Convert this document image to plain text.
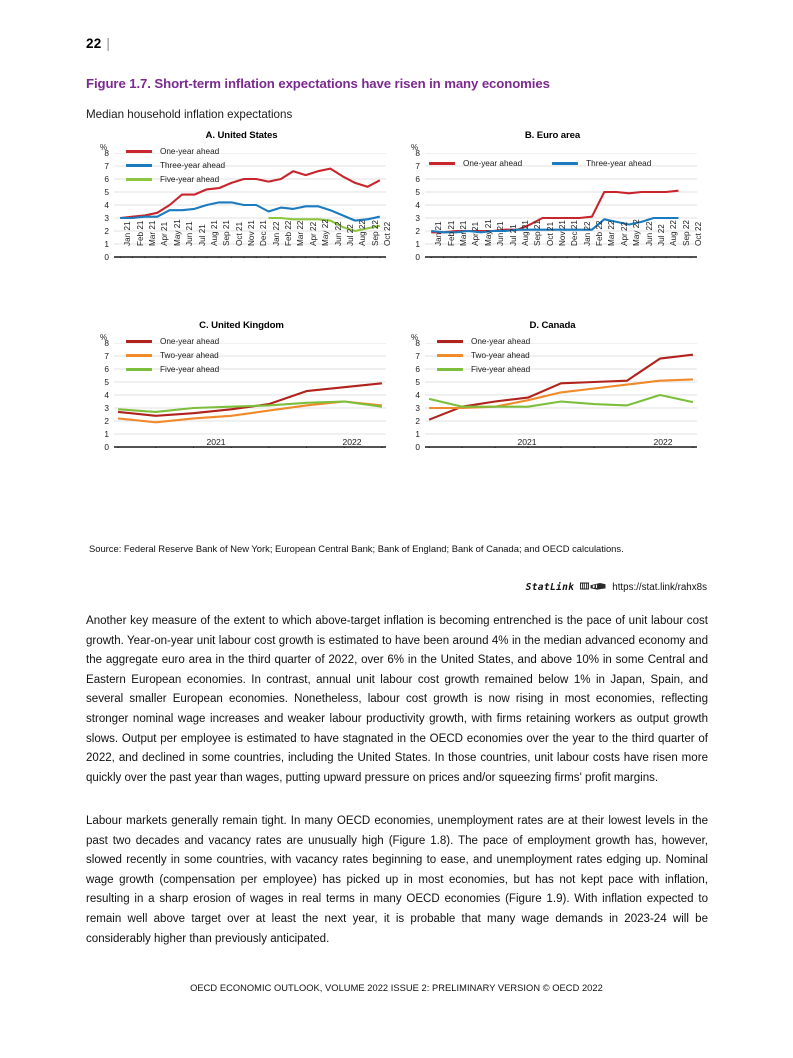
22 |
Figure 1.7. Short-term inflation expectations have risen in many economies
Median household inflation expectations
A. United States
%
0
1
2
3
4
5
6
7
8	One-year ahead
Three-year ahead
Five-year ahead
Jan 21 Feb 21 Mar 21 Apr 21 May 21 Jun 21 Jul 21 Aug 21 Sep 21 Oct 21 Nov 21 Dec 21 Jan 22 Feb 22 Mar 22 Apr 22 May 22 Jun 22 Jul 22 Aug 22 Sep 22 Oct 22
B. Euro area
%
0
1
2
3
4
5
6
7
8
One-year ahead	Three-year ahead
Jan 21 Feb 21 Mar 21 Apr 21 May 21 Jun 21 Jul 21 Aug 21 Sep 21 Oct 21 Nov 21 Dec 21 Jan 22 Feb 22 Mar 22 Apr 22 May 22 Jun 22 Jul 22 Aug 22 Sep 22 Oct 22
C. United Kingdom
%
0
1
2
3
4
5
6
7
8	One-year ahead
Two-year ahead
Five-year ahead
2021	2022
D. Canada
%
0
1
2
3
4
5
6
7
8	One-year ahead
Two-year ahead
Five-year ahead
2021	2022
Source: Federal Reserve Bank of New York; European Central Bank; Bank of England; Bank of Canada; and OECD calculations.
StatLink	https://stat.link/rahx8s
Another key measure of the extent to which above-target inflation is becoming entrenched is the pace of unit labour cost growth. Year-on-year unit labour cost growth is estimated to have been around 4% in the median advanced economy and the aggregate euro area in the third quarter of 2022, over 6% in the United States, and above 10% in some Central and Eastern European economies. In contrast, annual unit labour cost growth remained below 1% in Japan, Spain, and several smaller European economies. Nonetheless, labour cost growth is now rising in most economies, reflecting stronger nominal wage increases and weaker labour productivity growth, with firms retaining workers as output growth slows. Output per employee is estimated to have stagnated in the OECD economies over the year to the third quarter of 2022, and declined in some countries, including the United States. In those countries, unit labour costs have risen more quickly over the past year than wages, putting upward pressure on prices and/or squeezing firms' profit margins.
Labour markets generally remain tight. In many OECD economies, unemployment rates are at their lowest levels in the past two decades and vacancy rates are unusually high (Figure 1.8). The pace of employment growth has, however, slowed recently in some countries, with vacancy rates beginning to ease, and unemployment rates edging up. Nominal wage growth (compensation per employee) has picked up in most economies, but has not kept pace with inflation, resulting in a sharp erosion of wages in real terms in many OECD economies (Figure 1.9). With inflation expected to remain well above target over at least the next year, it is probable that many wage demands in 2023-24 will be considerably higher than previously anticipated.
OECD ECONOMIC OUTLOOK, VOLUME 2022 ISSUE 2: PRELIMINARY VERSION © OECD 2022
